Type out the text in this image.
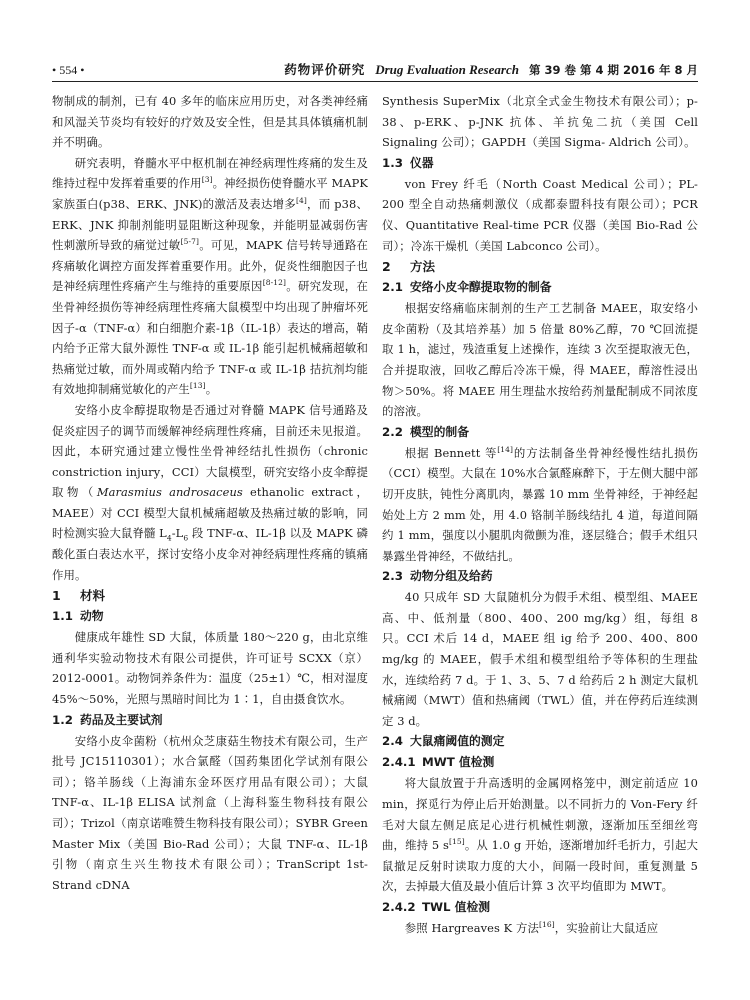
• 554 •	药物评价研究 Drug Evaluation Research 第 39 卷 第 4 期 2016 年 8 月

物制成的制剂，已有 40 多年的临床应用历史，对各类神经痛和风湿关节炎均有较好的疗效及安全性，但是其具体镇痛机制并不明确。

研究表明，脊髓水平中枢机制在神经病理性疼痛的发生及维持过程中发挥着重要的作用[3]。神经损伤使脊髓水平 MAPK 家族蛋白(p38、ERK、JNK)的激活及表达增多[4]，而 p38、ERK、JNK 抑制剂能明显阻断这种现象，并能明显减弱伤害性刺激所导致的痛觉过敏[5-7]。可见，MAPK 信号转导通路在疼痛敏化调控方面发挥着重要作用。此外，促炎性细胞因子也是神经病理性疼痛产生与维持的重要原因[8-12]。研究发现，在坐骨神经损伤等神经病理性疼痛大鼠模型中均出现了肿瘤坏死因子-α（TNF-α）和白细胞介素-1β（IL-1β）表达的增高，鞘内给予正常大鼠外源性 TNF-α 或 IL-1β 能引起机械痛超敏和热痛觉过敏，而外周或鞘内给予 TNF-α 或 IL-1β 拮抗剂均能有效地抑制痛觉敏化的产生[13]。

安络小皮伞醇提取物是否通过对脊髓 MAPK 信号通路及促炎症因子的调节而缓解神经病理性疼痛，目前还未见报道。因此，本研究通过建立慢性坐骨神经结扎性损伤（chronic constriction injury，CCI）大鼠模型，研究安络小皮伞醇提取物（Marasmius androsaceus ethanolic extract，MAEE）对 CCI 模型大鼠机械痛超敏及热痛过敏的影响，同时检测实验大鼠脊髓 $L_4-L_6$ 段 TNF-α、IL-1β 以及 MAPK 磷酸化蛋白表达水平，探讨安络小皮伞对神经病理性疼痛的镇痛作用。

1 材料
1.1 动物

健康成年雄性 SD 大鼠，体质量 180～220 g，由北京维通利华实验动物技术有限公司提供，许可证号 SCXX（京）2012-0001。动物饲养条件为：温度（25±1）℃，相对湿度 45%～50%，光照与黑暗时间比为 1∶1，自由摄食饮水。

1.2 药品及主要试剂

安络小皮伞菌粉（杭州众芝康菇生物技术有限公司，生产批号 JC15110301）；水合氯醛（国药集团化学试剂有限公司）；铬羊肠线（上海浦东金环医疗用品有限公司）；大鼠 TNF-α、IL-1β ELISA 试剂盒（上海科鉴生物科技有限公司）；Trizol（南京诺唯赞生物科技有限公司）；SYBR Green Master Mix（美国 Bio-Rad 公司）；大鼠 TNF-α、IL-1β 引物（南京生兴生物技术有限公司）；TranScript 1st-Strand cDNA

Synthesis SuperMix（北京全式金生物技术有限公司）；p-38、p-ERK、p-JNK 抗体、羊抗兔二抗（美国 Cell Signaling 公司）；GAPDH（美国 Sigma- Aldrich 公司）。

1.3 仪器

von Frey 纤毛（North Coast Medical 公司）；PL-200 型全自动热痛刺激仪（成都泰盟科技有限公司）；PCR 仪、Quantitative Real-time PCR 仪器（美国 Bio-Rad 公司）；冷冻干燥机（美国 Labconco 公司）。

2 方法
2.1 安络小皮伞醇提取物的制备

根据安络痛临床制剂的生产工艺制备 MAEE，取安络小皮伞菌粉（及其培养基）加 5 倍量 80%乙醇，70 ℃回流提取 1 h，滤过，残渣重复上述操作，连续 3 次至提取液无色，合并提取液，回收乙醇后冷冻干燥，得 MAEE，醇溶性浸出物＞50%。将 MAEE 用生理盐水按给药剂量配制成不同浓度的溶液。

2.2 模型的制备

根据 Bennett 等[14]的方法制备坐骨神经慢性结扎损伤（CCI）模型。大鼠在 10%水合氯醛麻醉下，于左侧大腿中部切开皮肤，钝性分离肌肉，暴露 10 mm 坐骨神经，于神经起始处上方 2 mm 处，用 4.0 铬制羊肠线结扎 4 道，每道间隔约 1 mm，强度以小腿肌肉微颤为准，逐层缝合；假手术组只暴露坐骨神经，不做结扎。

2.3 动物分组及给药

40 只成年 SD 大鼠随机分为假手术组、模型组、MAEE 高、中、低剂量（800、400、200 mg/kg）组，每组 8 只。CCI 术后 14 d，MAEE 组 ig 给予 200、400、800 mg/kg 的 MAEE，假手术组和模型组给予等体积的生理盐水，连续给药 7 d。于 1、3、5、7 d 给药后 2 h 测定大鼠机械痛阈（MWT）值和热痛阈（TWL）值，并在停药后连续测定 3 d。

2.4 大鼠痛阈值的测定
2.4.1 MWT 值检测

将大鼠放置于升高透明的金属网格笼中，测定前适应 10 min，探觅行为停止后开始测量。以不同折力的 Von-Fery 纤毛对大鼠左侧足底足心进行机械性刺激，逐渐加压至细丝弯曲，维持 5 s[15]。从 1.0 g 开始，逐渐增加纤毛折力，引起大鼠撤足反射时读取力度的大小，间隔一段时间，重复测量 5 次，去掉最大值及最小值后计算 3 次平均值即为 MWT。

2.4.2 TWL 值检测

参照 Hargreaves K 方法[16]，实验前让大鼠适应
